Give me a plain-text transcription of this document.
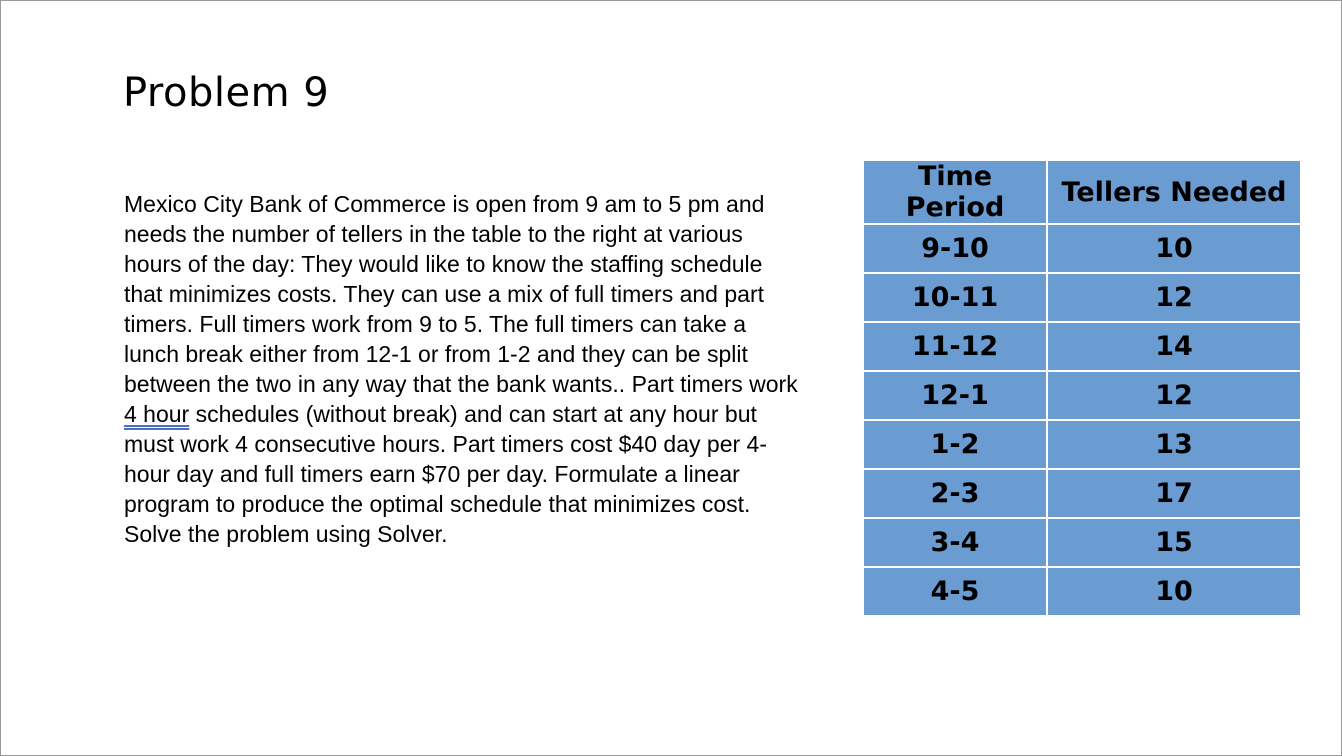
Problem 9

Mexico City Bank of Commerce is open from 9 am to 5 pm and needs the number of tellers in the table to the right at various hours of the day: They would like to know the staffing schedule that minimizes costs. They can use a mix of full timers and part timers. Full timers work from 9 to 5. The full timers can take a lunch break either from 12-1 or from 1-2 and they can be split between the two in any way that the bank wants.. Part timers work 4 hour schedules (without break) and can start at any hour but must work 4 consecutive hours. Part timers cost $40 day per 4-hour day and full timers earn $70 per day. Formulate a linear program to produce the optimal schedule that minimizes cost. Solve the problem using Solver.

Time Period	Tellers Needed
9-10	10
10-11	12
11-12	14
12-1	12
1-2	13
2-3	17
3-4	15
4-5	10
